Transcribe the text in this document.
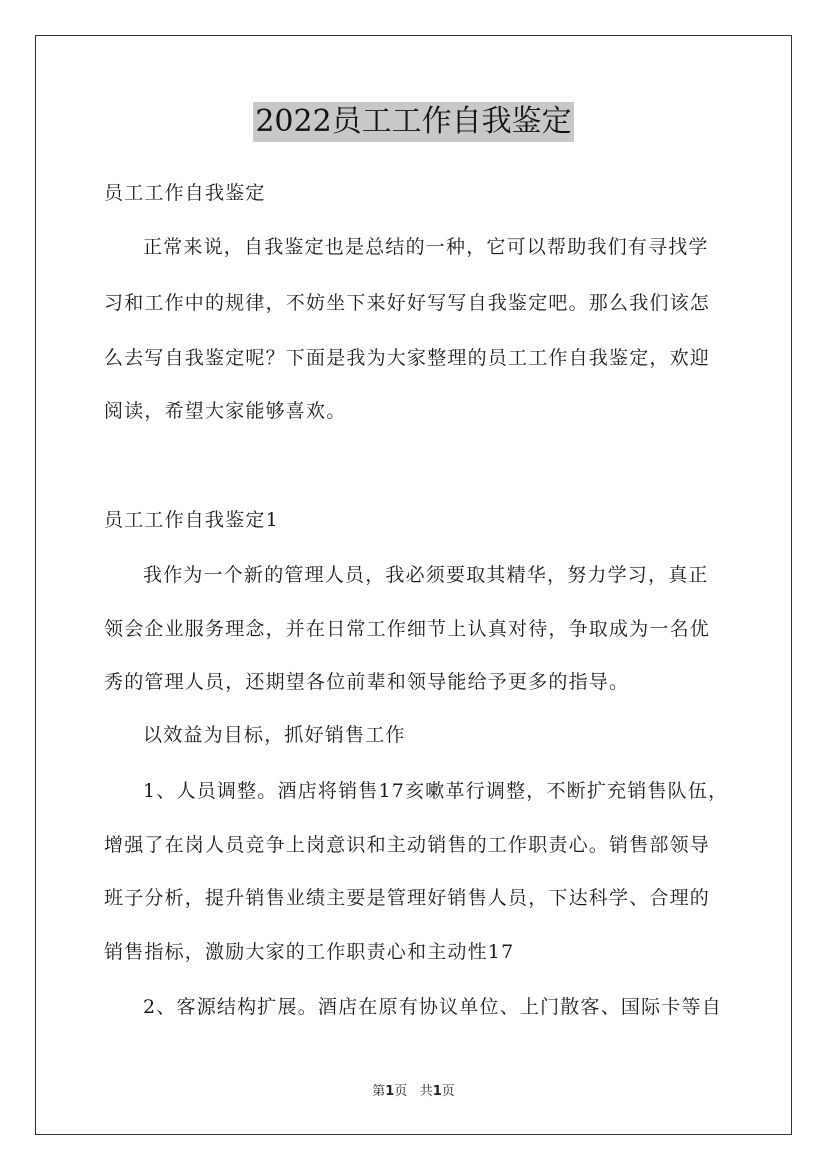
2022员工工作自我鉴定
员工工作自我鉴定
正常来说，自我鉴定也是总结的一种，它可以帮助我们有寻找学
习和工作中的规律，不妨坐下来好好写写自我鉴定吧。那么我们该怎
么去写自我鉴定呢？下面是我为大家整理的员工工作自我鉴定，欢迎
阅读，希望大家能够喜欢。
员工工作自我鉴定1
我作为一个新的管理人员，我必须要取其精华，努力学习，真正
领会企业服务理念，并在日常工作细节上认真对待，争取成为一名优
秀的管理人员，还期望各位前辈和领导能给予更多的指导。
以效益为目标，抓好销售工作
1、人员调整。酒店将销售17亥嗽革行调整，不断扩充销售队伍，
增强了在岗人员竞争上岗意识和主动销售的工作职责心。销售部领导
班子分析，提升销售业绩主要是管理好销售人员，下达科学、合理的
销售指标，激励大家的工作职责心和主动性17
2、客源结构扩展。酒店在原有协议单位、上门散客、国际卡等自
第1页 共1页
